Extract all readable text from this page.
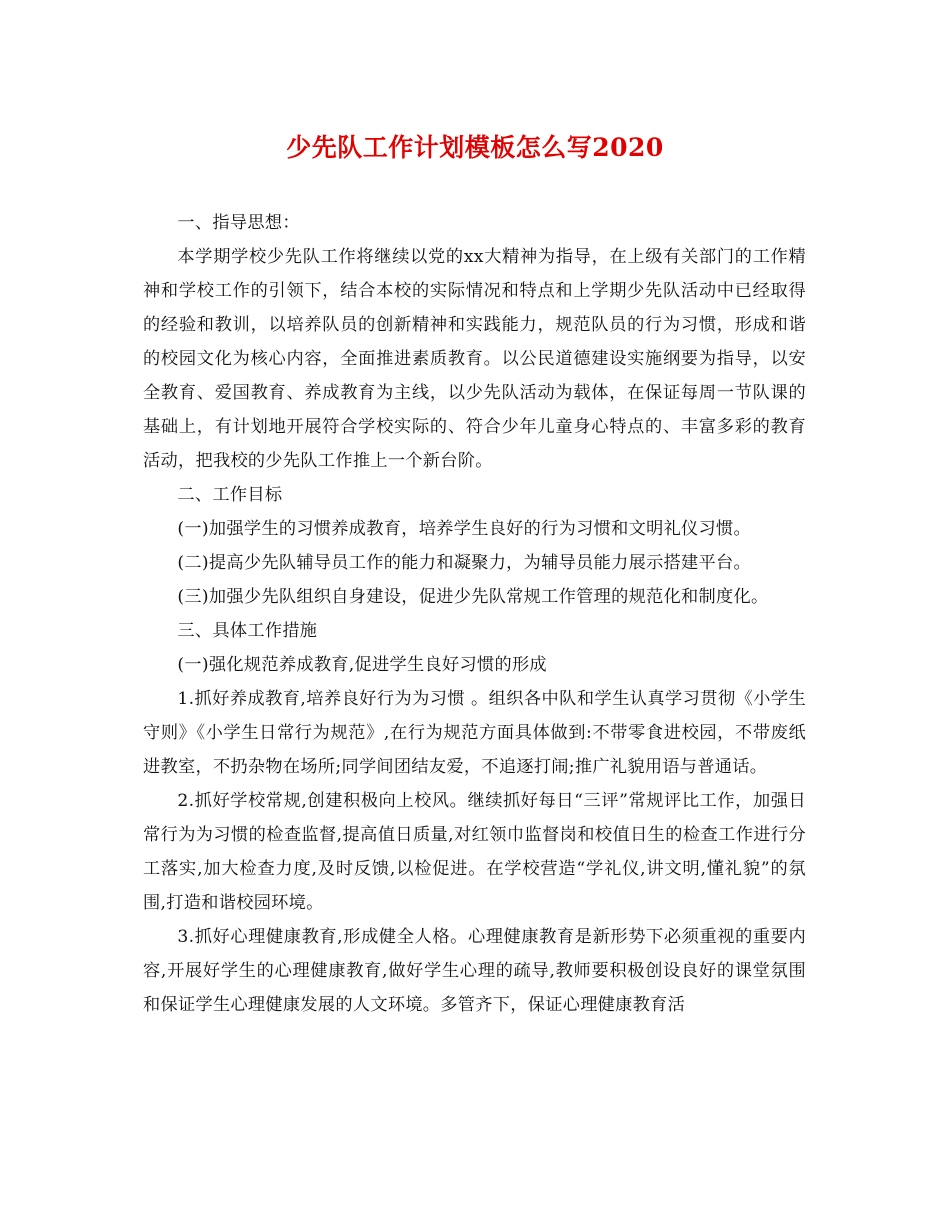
少先队工作计划模板怎么写2020

一、指导思想：

本学期学校少先队工作将继续以党的xx大精神为指导，在上级有关部门的工作精神和学校工作的引领下，结合本校的实际情况和特点和上学期少先队活动中已经取得的经验和教训，以培养队员的创新精神和实践能力，规范队员的行为习惯，形成和谐的校园文化为核心内容，全面推进素质教育。以公民道德建设实施纲要为指导，以安全教育、爱国教育、养成教育为主线，以少先队活动为载体，在保证每周一节队课的基础上，有计划地开展符合学校实际的、符合少年儿童身心特点的、丰富多彩的教育活动，把我校的少先队工作推上一个新台阶。

二、工作目标

(一)加强学生的习惯养成教育，培养学生良好的行为习惯和文明礼仪习惯。

(二)提高少先队辅导员工作的能力和凝聚力，为辅导员能力展示搭建平台。

(三)加强少先队组织自身建设，促进少先队常规工作管理的规范化和制度化。

三、具体工作措施

(一)强化规范养成教育,促进学生良好习惯的形成

1.抓好养成教育,培养良好行为为习惯 。组织各中队和学生认真学习贯彻《小学生守则》《小学生日常行为规范》,在行为规范方面具体做到:不带零食进校园，不带废纸进教室，不扔杂物在场所;同学间团结友爱，不追逐打闹;推广礼貌用语与普通话。

2.抓好学校常规,创建积极向上校风。继续抓好每日“三评”常规评比工作，加强日常行为为习惯的检查监督,提高值日质量,对红领巾监督岗和校值日生的检查工作进行分工落实,加大检查力度,及时反馈,以检促进。在学校营造“学礼仪,讲文明,懂礼貌”的氛围,打造和谐校园环境。

3.抓好心理健康教育,形成健全人格。心理健康教育是新形势下必须重视的重要内容,开展好学生的心理健康教育,做好学生心理的疏导,教师要积极创设良好的课堂氛围和保证学生心理健康发展的人文环境。多管齐下，保证心理健康教育活
